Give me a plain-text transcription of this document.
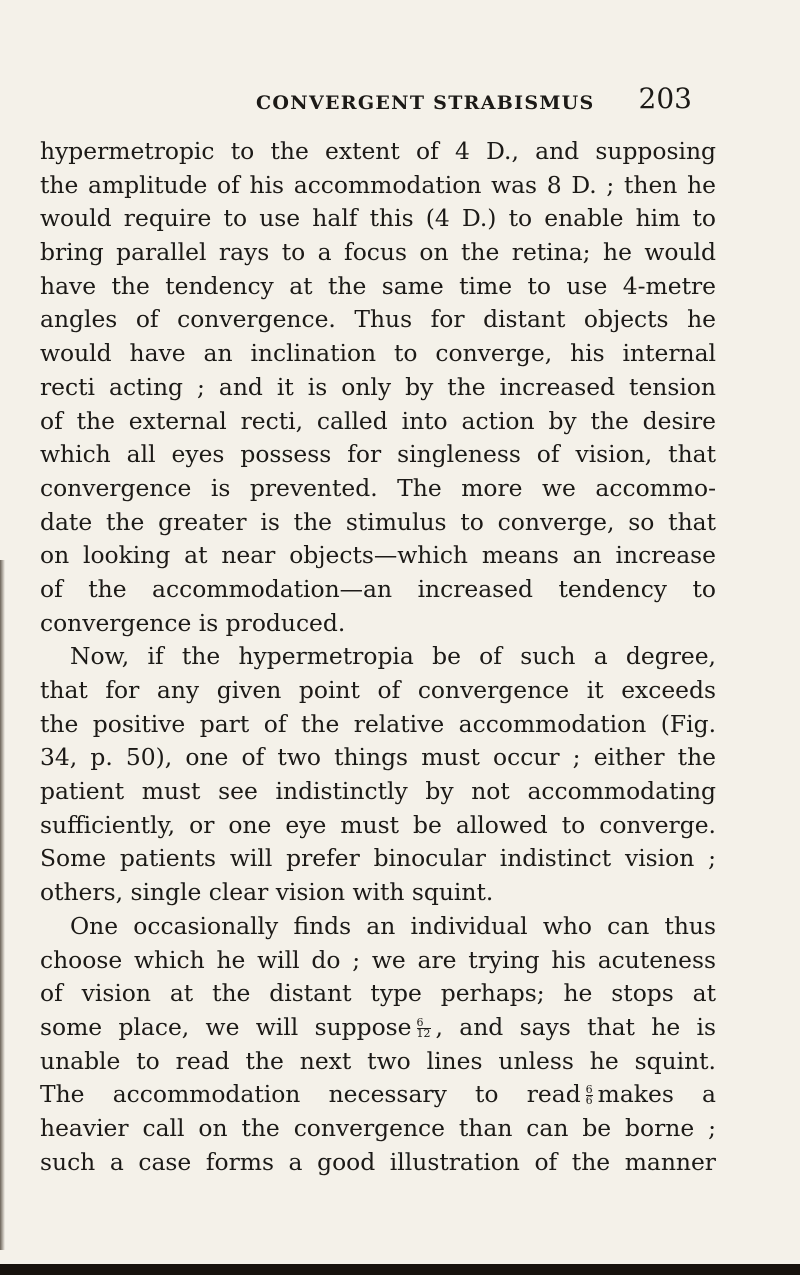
CONVERGENT STRABISMUS 203
hypermetropic to the extent of 4 D., and supposing
the amplitude of his accommodation was 8 D. ; then he
would require to use half this (4 D.) to enable him to
bring parallel rays to a focus on the retina; he would
have the tendency at the same time to use 4-metre
angles of convergence. Thus for distant objects he
would have an inclination to converge, his internal
recti acting ; and it is only by the increased tension
of the external recti, called into action by the desire
which all eyes possess for singleness of vision, that
convergence is prevented. The more we accommo-
date the greater is the stimulus to converge, so that
on looking at near objects—which means an increase
of the accommodation—an increased tendency to
convergence is produced.
Now, if the hypermetropia be of such a degree,
that for any given point of convergence it exceeds
the positive part of the relative accommodation (Fig.
34, p. 50), one of two things must occur ; either the
patient must see indistinctly by not accommodating
sufficiently, or one eye must be allowed to converge.
Some patients will prefer binocular indistinct vision ;
others, single clear vision with squint.
One occasionally finds an individual who can thus
choose which he will do ; we are trying his acuteness
of vision at the distant type perhaps; he stops at
some place, we will suppose $\frac{6}{12}$ , and says that he is
unable to read the next two lines unless he squint.
The accommodation necessary to read $\frac{6}{6}$ makes a
heavier call on the convergence than can be borne ;
such a case forms a good illustration of the manner
